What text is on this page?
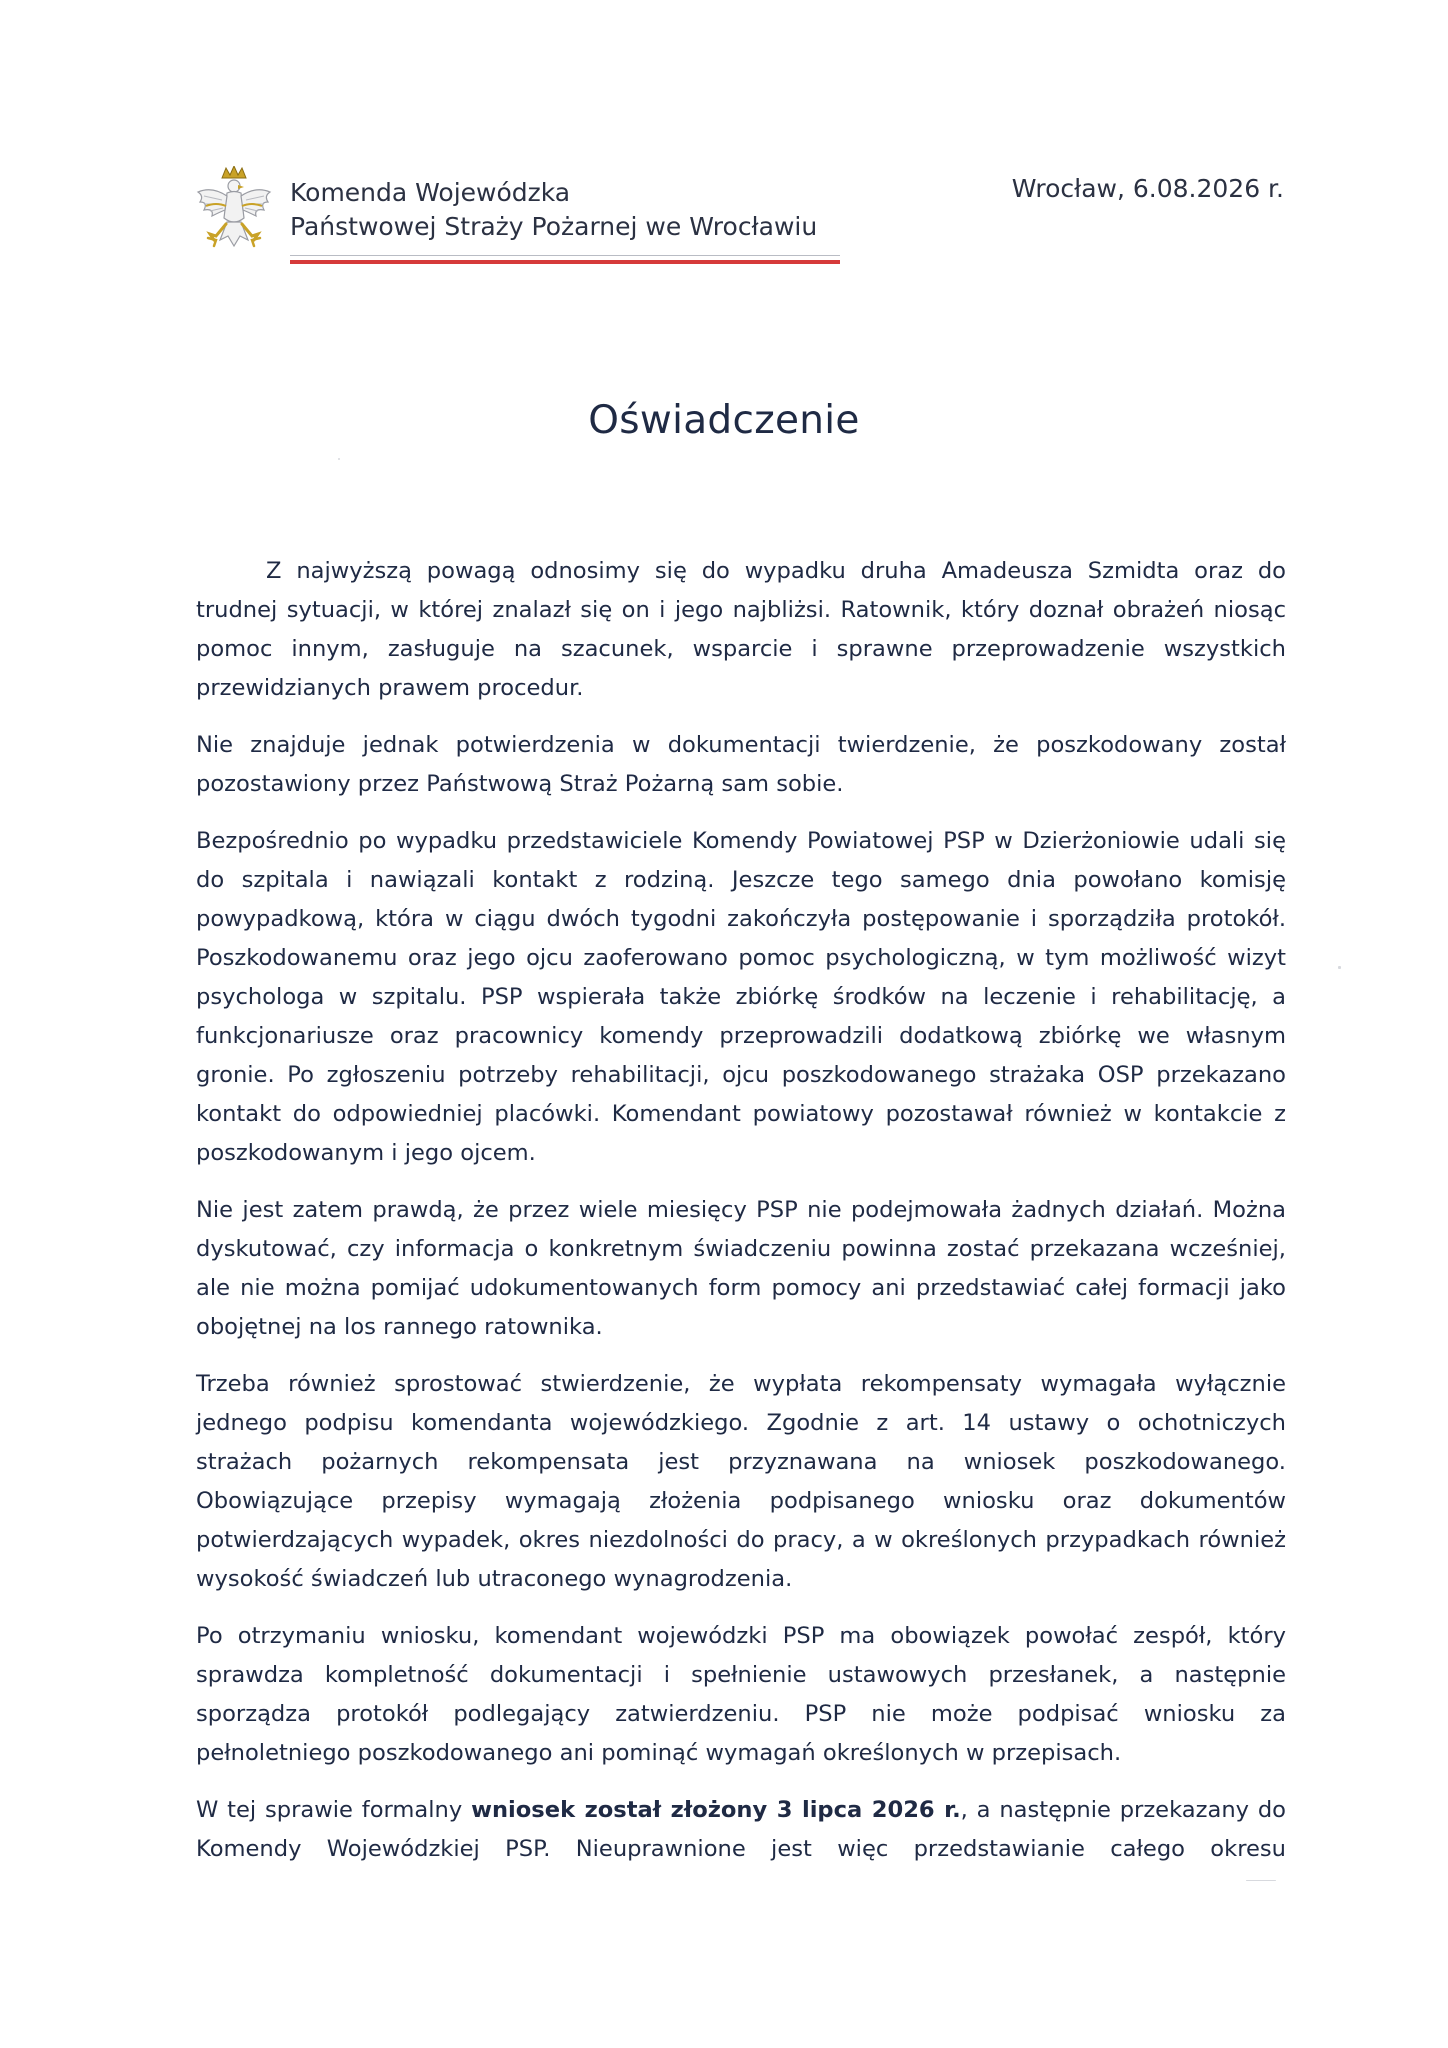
Komenda Wojewódzka
Państwowej Straży Pożarnej we Wrocławiu
Wrocław, 6.08.2026 r.
Oświadczenie

Z najwyższą powagą odnosimy się do wypadku druha Amadeusza Szmidta oraz do trudnej sytuacji, w której znalazł się on i jego najbliżsi. Ratownik, który doznał obrażeń niosąc pomoc innym, zasługuje na szacunek, wsparcie i sprawne przeprowadzenie wszystkich przewidzianych prawem procedur.

Nie znajduje jednak potwierdzenia w dokumentacji twierdzenie, że poszkodowany został pozostawiony przez Państwową Straż Pożarną sam sobie.

Bezpośrednio po wypadku przedstawiciele Komendy Powiatowej PSP w Dzierżoniowie udali się do szpitala i nawiązali kontakt z rodziną. Jeszcze tego samego dnia powołano komisję powypadkową, która w ciągu dwóch tygodni zakończyła postępowanie i sporządziła protokół. Poszkodowanemu oraz jego ojcu zaoferowano pomoc psychologiczną, w tym możliwość wizyt psychologa w szpitalu. PSP wspierała także zbiórkę środków na leczenie i rehabilitację, a funkcjonariusze oraz pracownicy komendy przeprowadzili dodatkową zbiórkę we własnym gronie. Po zgłoszeniu potrzeby rehabilitacji, ojcu poszkodowanego strażaka OSP przekazano kontakt do odpowiedniej placówki. Komendant powiatowy pozostawał również w kontakcie z poszkodowanym i jego ojcem.

Nie jest zatem prawdą, że przez wiele miesięcy PSP nie podejmowała żadnych działań. Można dyskutować, czy informacja o konkretnym świadczeniu powinna zostać przekazana wcześniej, ale nie można pomijać udokumentowanych form pomocy ani przedstawiać całej formacji jako obojętnej na los rannego ratownika.

Trzeba również sprostować stwierdzenie, że wypłata rekompensaty wymagała wyłącznie jednego podpisu komendanta wojewódzkiego. Zgodnie z art. 14 ustawy o ochotniczych strażach pożarnych rekompensata jest przyznawana na wniosek poszkodowanego. Obowiązujące przepisy wymagają złożenia podpisanego wniosku oraz dokumentów potwierdzających wypadek, okres niezdolności do pracy, a w określonych przypadkach również wysokość świadczeń lub utraconego wynagrodzenia.

Po otrzymaniu wniosku, komendant wojewódzki PSP ma obowiązek powołać zespół, który sprawdza kompletność dokumentacji i spełnienie ustawowych przesłanek, a następnie sporządza protokół podlegający zatwierdzeniu. PSP nie może podpisać wniosku za pełnoletniego poszkodowanego ani pominąć wymagań określonych w przepisach.

W tej sprawie formalny wniosek został złożony 3 lipca 2026 r., a następnie przekazany do Komendy Wojewódzkiej PSP. Nieuprawnione jest więc przedstawianie całego okresu
